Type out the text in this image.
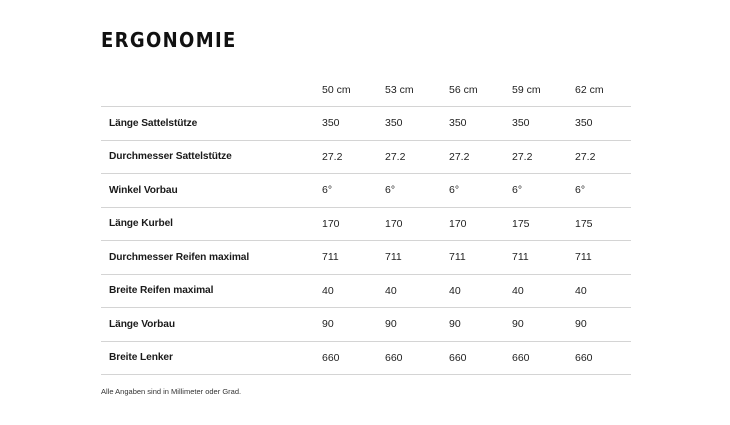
ERGONOMIE
	50 cm	53 cm	56 cm	59 cm	62 cm
Länge Sattelstütze	350	350	350	350	350
Durchmesser Sattelstütze	27.2	27.2	27.2	27.2	27.2
Winkel Vorbau	6°	6°	6°	6°	6°
Länge Kurbel	170	170	170	175	175
Durchmesser Reifen maximal	711	711	711	711	711
Breite Reifen maximal	40	40	40	40	40
Länge Vorbau	90	90	90	90	90
Breite Lenker	660	660	660	660	660
Alle Angaben sind in Millimeter oder Grad.
